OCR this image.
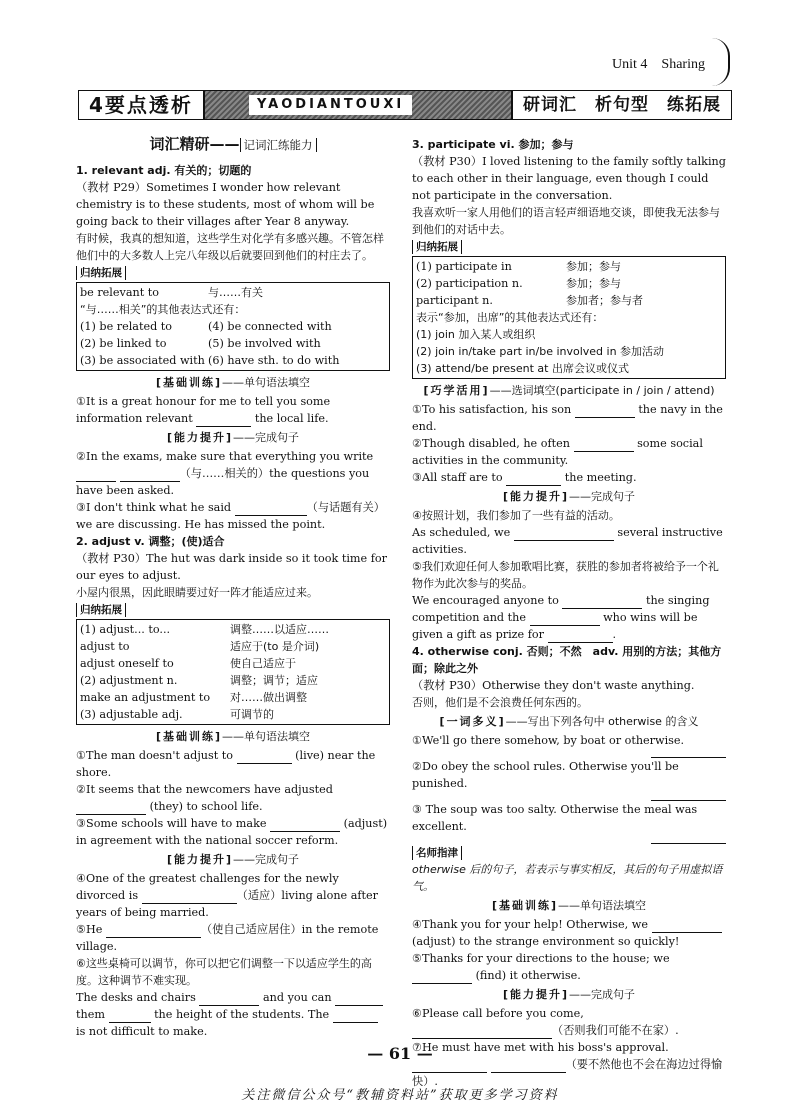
Unit 4　Sharing
4要点透析	YAODIANTOUXI	研词汇　析句型　练拓展
词汇精研—— 记词汇练能力

1. relevant adj. 有关的；切题的

（教材 P29）Sometimes I wonder how relevant chemistry is to these students, most of whom will be going back to their villages after Year 8 anyway.

有时候，我真的想知道，这些学生对化学有多感兴趣。不管怎样他们中的大多数人上完八年级以后就要回到他们的村庄去了。

归纳拓展
be relevant to	与……有关
“与……相关”的其他表达式还有：
(1) be related to	(4) be connected with
(2) be linked to	(5) be involved with
(3) be associated with (6) have sth. to do with
[基础训练]——单句语法填空

①It is a great honour for me to tell you some information relevant	the local life.

[能力提升]——完成句子

②In the exams, make sure that everything you write  （与……相关的）the questions you have been asked.

③I don't think what he said	（与话题有关）we are discussing. He has missed the point.

2. adjust v. 调整；(使)适合

（教材 P30）The hut was dark inside so it took time for our eyes to adjust.

小屋内很黑，因此眼睛要过好一阵才能适应过来。

归纳拓展
(1) adjust... to...	调整……以适应……
adjust to	适应于(to 是介词)
adjust oneself to	使自己适应于
(2) adjustment n.	调整；调节；适应
make an adjustment to	对……做出调整
(3) adjustable adj.	可调节的
[基础训练]——单句语法填空

①The man doesn't adjust to	(live) near the shore.

②It seems that the newcomers have adjusted  (they) to school life.

③Some schools will have to make	(adjust) in agreement with the national soccer reform.

[能力提升]——完成句子

④One of the greatest challenges for the newly divorced is	（适应）living alone after years of being married.

⑤He	（使自己适应居住）in the remote village.

⑥这些桌椅可以调节，你可以把它们调整一下以适应学生的高度。这种调节不难实现。

The desks and chairs	and you can  them	the height of the students. The  is not difficult to make.

3. participate vi. 参加；参与

（教材 P30）I loved listening to the family softly talking to each other in their language, even though I could not participate in the conversation.

我喜欢听一家人用他们的语言轻声细语地交谈，即使我无法参与到他们的对话中去。

归纳拓展
(1) participate in	参加；参与
(2) participation n.	参加；参与
participant n.	参加者；参与者
表示“参加，出席”的其他表达式还有：
(1) join 加入某人或组织
(2) join in/take part in/be involved in 参加活动
(3) attend/be present at 出席会议或仪式
[巧学活用]——选词填空(participate in / join / attend)

①To his satisfaction, his son	the navy in the end.

②Though disabled, he often	some social activities in the community.

③All staff are to	the meeting.

[能力提升]——完成句子

④按照计划，我们参加了一些有益的活动。

As scheduled, we	several instructive activities.

⑤我们欢迎任何人参加歌唱比赛，获胜的参加者将被给予一个礼物作为此次参与的奖品。

We encouraged anyone to	the singing competition and the	who wins will be given a gift as prize for	.

4. otherwise conj. 否则；不然　adv. 用别的方法；其他方面；除此之外

（教材 P30）Otherwise they don't waste anything.

否则，他们是不会浪费任何东西的。

[一词多义]——写出下列各句中 otherwise 的含义

①We'll go there somehow, by boat or otherwise.

②Do obey the school rules. Otherwise you'll be punished.

③ The soup was too salty. Otherwise the meal was excellent.

名师指津

otherwise 后的句子，若表示与事实相反，其后的句子用虚拟语气。

[基础训练]——单句语法填空

④Thank you for your help! Otherwise, we  (adjust) to the strange environment so quickly!

⑤Thanks for your directions to the house; we  (find) it otherwise.

[能力提升]——完成句子

⑥Please call before you come, （否则我们可能不在家）.

⑦He must have met with his boss's approval.  （要不然他也不会在海边过得愉快）.

— 61 —
关注微信公众号“教辅资料站”获取更多学习资料
